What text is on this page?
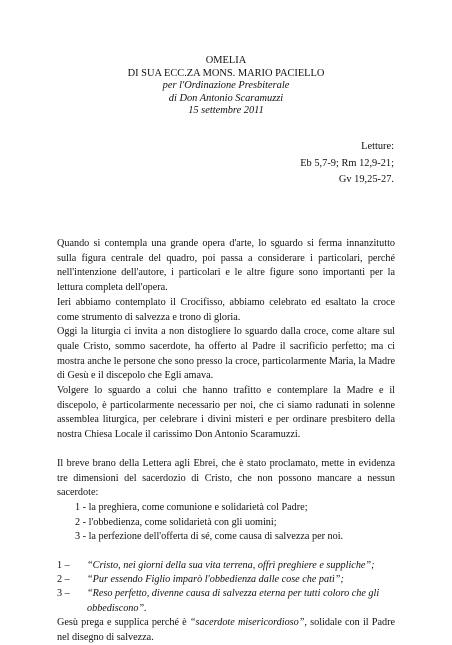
OMELIA
DI SUA ECC.ZA MONS. MARIO PACIELLO
per l'Ordinazione Presbiterale
di Don Antonio Scaramuzzi
15 settembre 2011
Letture:
Eb 5,7-9; Rm 12,9-21;
Gv 19,25-27.

Quando si contempla una grande opera d'arte, lo sguardo si ferma innanzitutto sulla figura centrale del quadro, poi passa a considerare i particolari, perché nell'intenzione dell'autore, i particolari e le altre figure sono importanti per la lettura completa dell'opera.

Ieri abbiamo contemplato il Crocifisso, abbiamo celebrato ed esaltato la croce come strumento di salvezza e trono di gloria.

Oggi la liturgia ci invita a non distogliere lo sguardo dalla croce, come altare sul quale Cristo, sommo sacerdote, ha offerto al Padre il sacrificio perfetto; ma ci mostra anche le persone che sono presso la croce, particolarmente Maria, la Madre di Gesù e il discepolo che Egli amava.

Volgere lo sguardo a colui che hanno trafitto e contemplare la Madre e il discepolo, è particolarmente necessario per noi, che ci siamo radunati in solenne assemblea liturgica, per celebrare i divini misteri e per ordinare presbitero della nostra Chiesa Locale il carissimo Don Antonio Scaramuzzi.

Il breve brano della Lettera agli Ebrei, che è stato proclamato, mette in evidenza tre dimensioni del sacerdozio di Cristo, che non possono mancare a nessun sacerdote:

1 - la preghiera, come comunione e solidarietà col Padre;
2 - l'obbedienza, come solidarietà con gli uomini;
3 - la perfezione dell'offerta di sé, come causa di salvezza per noi.
1 – “Cristo, nei giorni della sua vita terrena, offrì preghiere e suppliche”;
2 – “Pur essendo Figlio imparò l'obbedienza dalle cose che patì”;
3 – “Reso perfetto, divenne causa di salvezza eterna per tutti coloro che gli obbediscono”.

Gesù prega e supplica perché è “sacerdote misericordioso”, solidale con il Padre nel disegno di salvezza.
